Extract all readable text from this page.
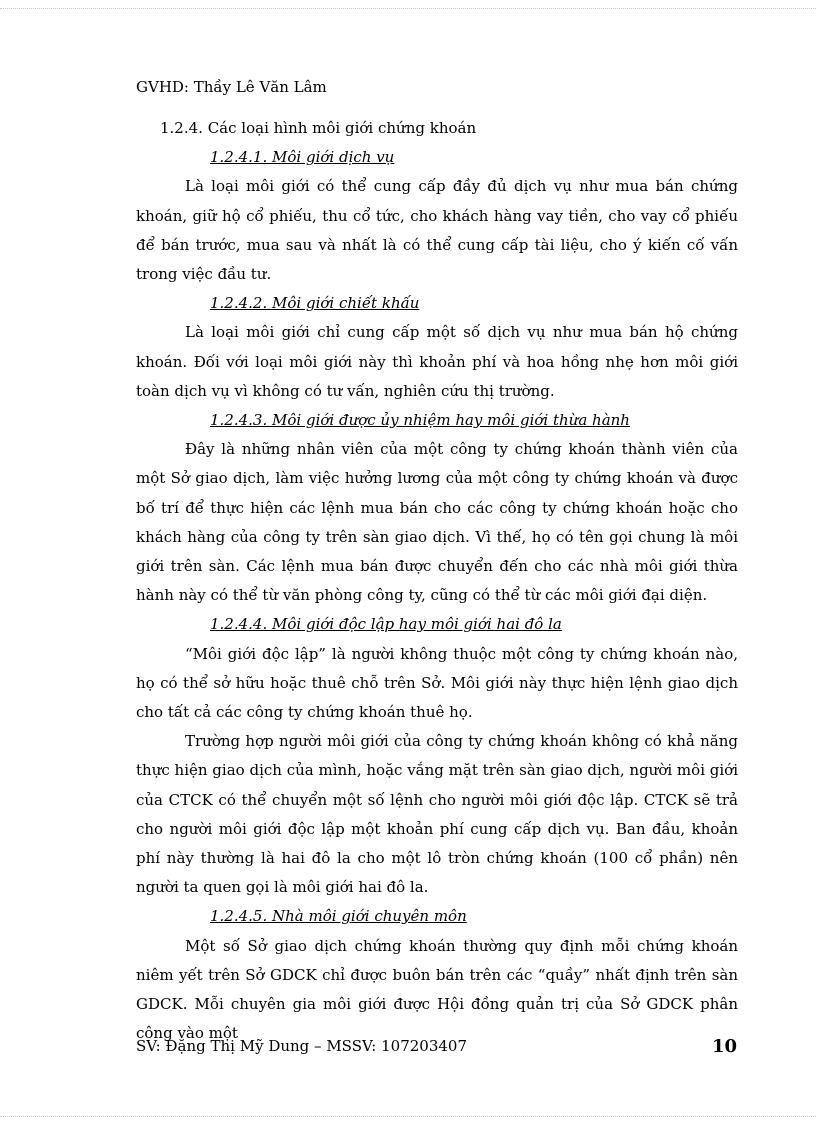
GVHD: Thầy Lê Văn Lâm
1.2.4. Các loại hình môi giới chứng khoán
1.2.4.1. Môi giới dịch vụ

Là loại môi giới có thể cung cấp đầy đủ dịch vụ như mua bán chứng khoán, giữ hộ cổ phiếu, thu cổ tức, cho khách hàng vay tiền, cho vay cổ phiếu để bán trước, mua sau và nhất là có thể cung cấp tài liệu, cho ý kiến cố vấn trong việc đầu tư.

1.2.4.2. Môi giới chiết khấu

Là loại môi giới chỉ cung cấp một số dịch vụ như mua bán hộ chứng khoán. Đối với loại môi giới này thì khoản phí và hoa hồng nhẹ hơn môi giới toàn dịch vụ vì không có tư vấn, nghiên cứu thị trường.

1.2.4.3. Môi giới được ủy nhiệm hay môi giới thừa hành

Đây là những nhân viên của một công ty chứng khoán thành viên của một Sở giao dịch, làm việc hưởng lương của một công ty chứng khoán và được bố trí để thực hiện các lệnh mua bán cho các công ty chứng khoán hoặc cho khách hàng của công ty trên sàn giao dịch. Vì thế, họ có tên gọi chung là môi giới trên sàn. Các lệnh mua bán được chuyển đến cho các nhà môi giới thừa hành này có thể từ văn phòng công ty, cũng có thể từ các môi giới đại diện.

1.2.4.4. Môi giới độc lập hay môi giới hai đô la

“Môi giới độc lập” là người không thuộc một công ty chứng khoán nào, họ có thể sở hữu hoặc thuê chỗ trên Sở. Môi giới này thực hiện lệnh giao dịch cho tất cả các công ty chứng khoán thuê họ.

Trường hợp người môi giới của công ty chứng khoán không có khả năng thực hiện giao dịch của mình, hoặc vắng mặt trên sàn giao dịch, người môi giới của CTCK có thể chuyển một số lệnh cho người môi giới độc lập. CTCK sẽ trả cho người môi giới độc lập một khoản phí cung cấp dịch vụ. Ban đầu, khoản phí này thường là hai đô la cho một lô tròn chứng khoán (100 cổ phần) nên người ta quen gọi là môi giới hai đô la.

1.2.4.5. Nhà môi giới chuyên môn

Một số Sở giao dịch chứng khoán thường quy định mỗi chứng khoán niêm yết trên Sở GDCK chỉ được buôn bán trên các “quầy” nhất định trên sàn GDCK. Mỗi chuyên gia môi giới được Hội đồng quản trị của Sở GDCK phân công vào một

SV: Đặng Thị Mỹ Dung – MSSV: 107203407	10
